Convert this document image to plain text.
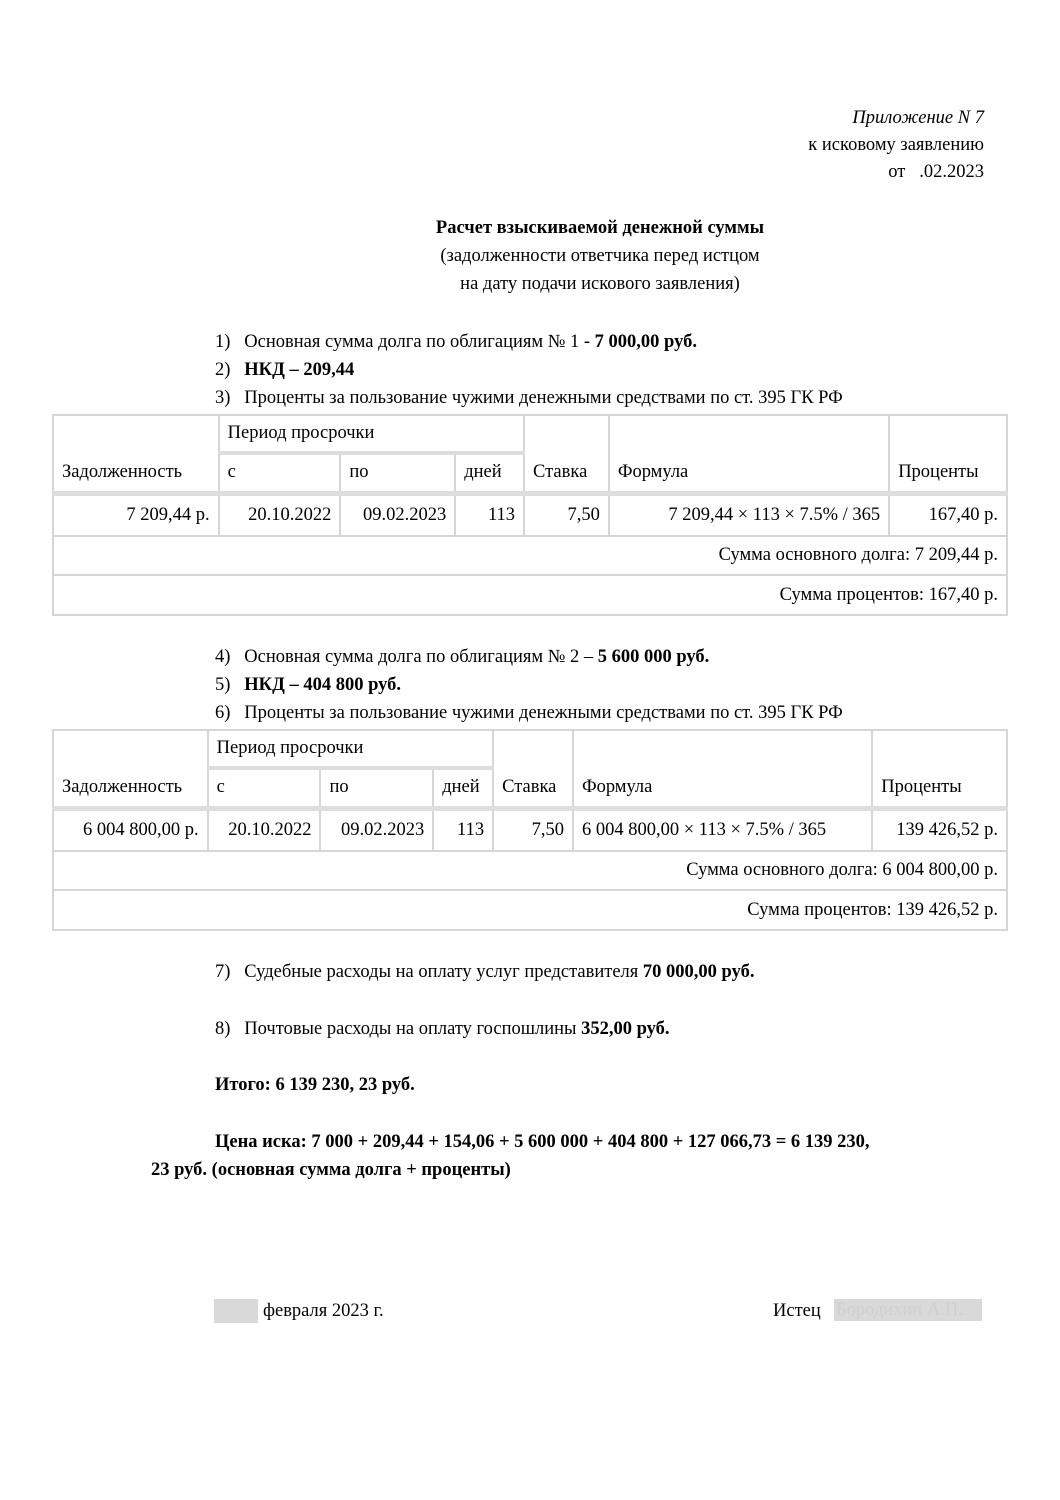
Приложение N 7
к исковому заявлению
от   .02.2023
Расчет взыскиваемой денежной суммы
(задолженности ответчика перед истцом
на дату подачи искового заявления)
1) Основная сумма долга по облигациям № 1 - 7 000,00 руб.
2) НКД – 209,44
3) Проценты за пользование чужими денежными средствами по ст. 395 ГК РФ
Задолженность	Период просрочки			Ставка	Формула	Проценты
	с	по	дней			
7 209,44 р.	20.10.2022	09.02.2023	113	7,50	7 209,44 × 113 × 7.5% / 365	167,40 р.
Сумма основного долга: 7 209,44 р.						
Сумма процентов: 167,40 р.						
4) Основная сумма долга по облигациям № 2 – 5 600 000 руб.
5) НКД – 404 800 руб.
6) Проценты за пользование чужими денежными средствами по ст. 395 ГК РФ
Задолженность	Период просрочки			Ставка	Формула	Проценты
	с	по	дней			
6 004 800,00 р.	20.10.2022	09.02.2023	113	7,50	6 004 800,00 × 113 × 7.5% / 365	139 426,52 р.
Сумма основного долга: 6 004 800,00 р.						
Сумма процентов: 139 426,52 р.						
7) Судебные расходы на оплату услуг представителя 70 000,00 руб.
8) Почтовые расходы на оплату госпошлины 352,00 руб.
Итого: 6 139 230, 23 руб.
Цена иска: 7 000 + 209,44 + 154,06 + 5 600 000 + 404 800 + 127 066,73 = 6 139 230,
23 руб. (основная сумма долга + проценты)
февраля 2023 г.	Истец Бородихин А.П.
